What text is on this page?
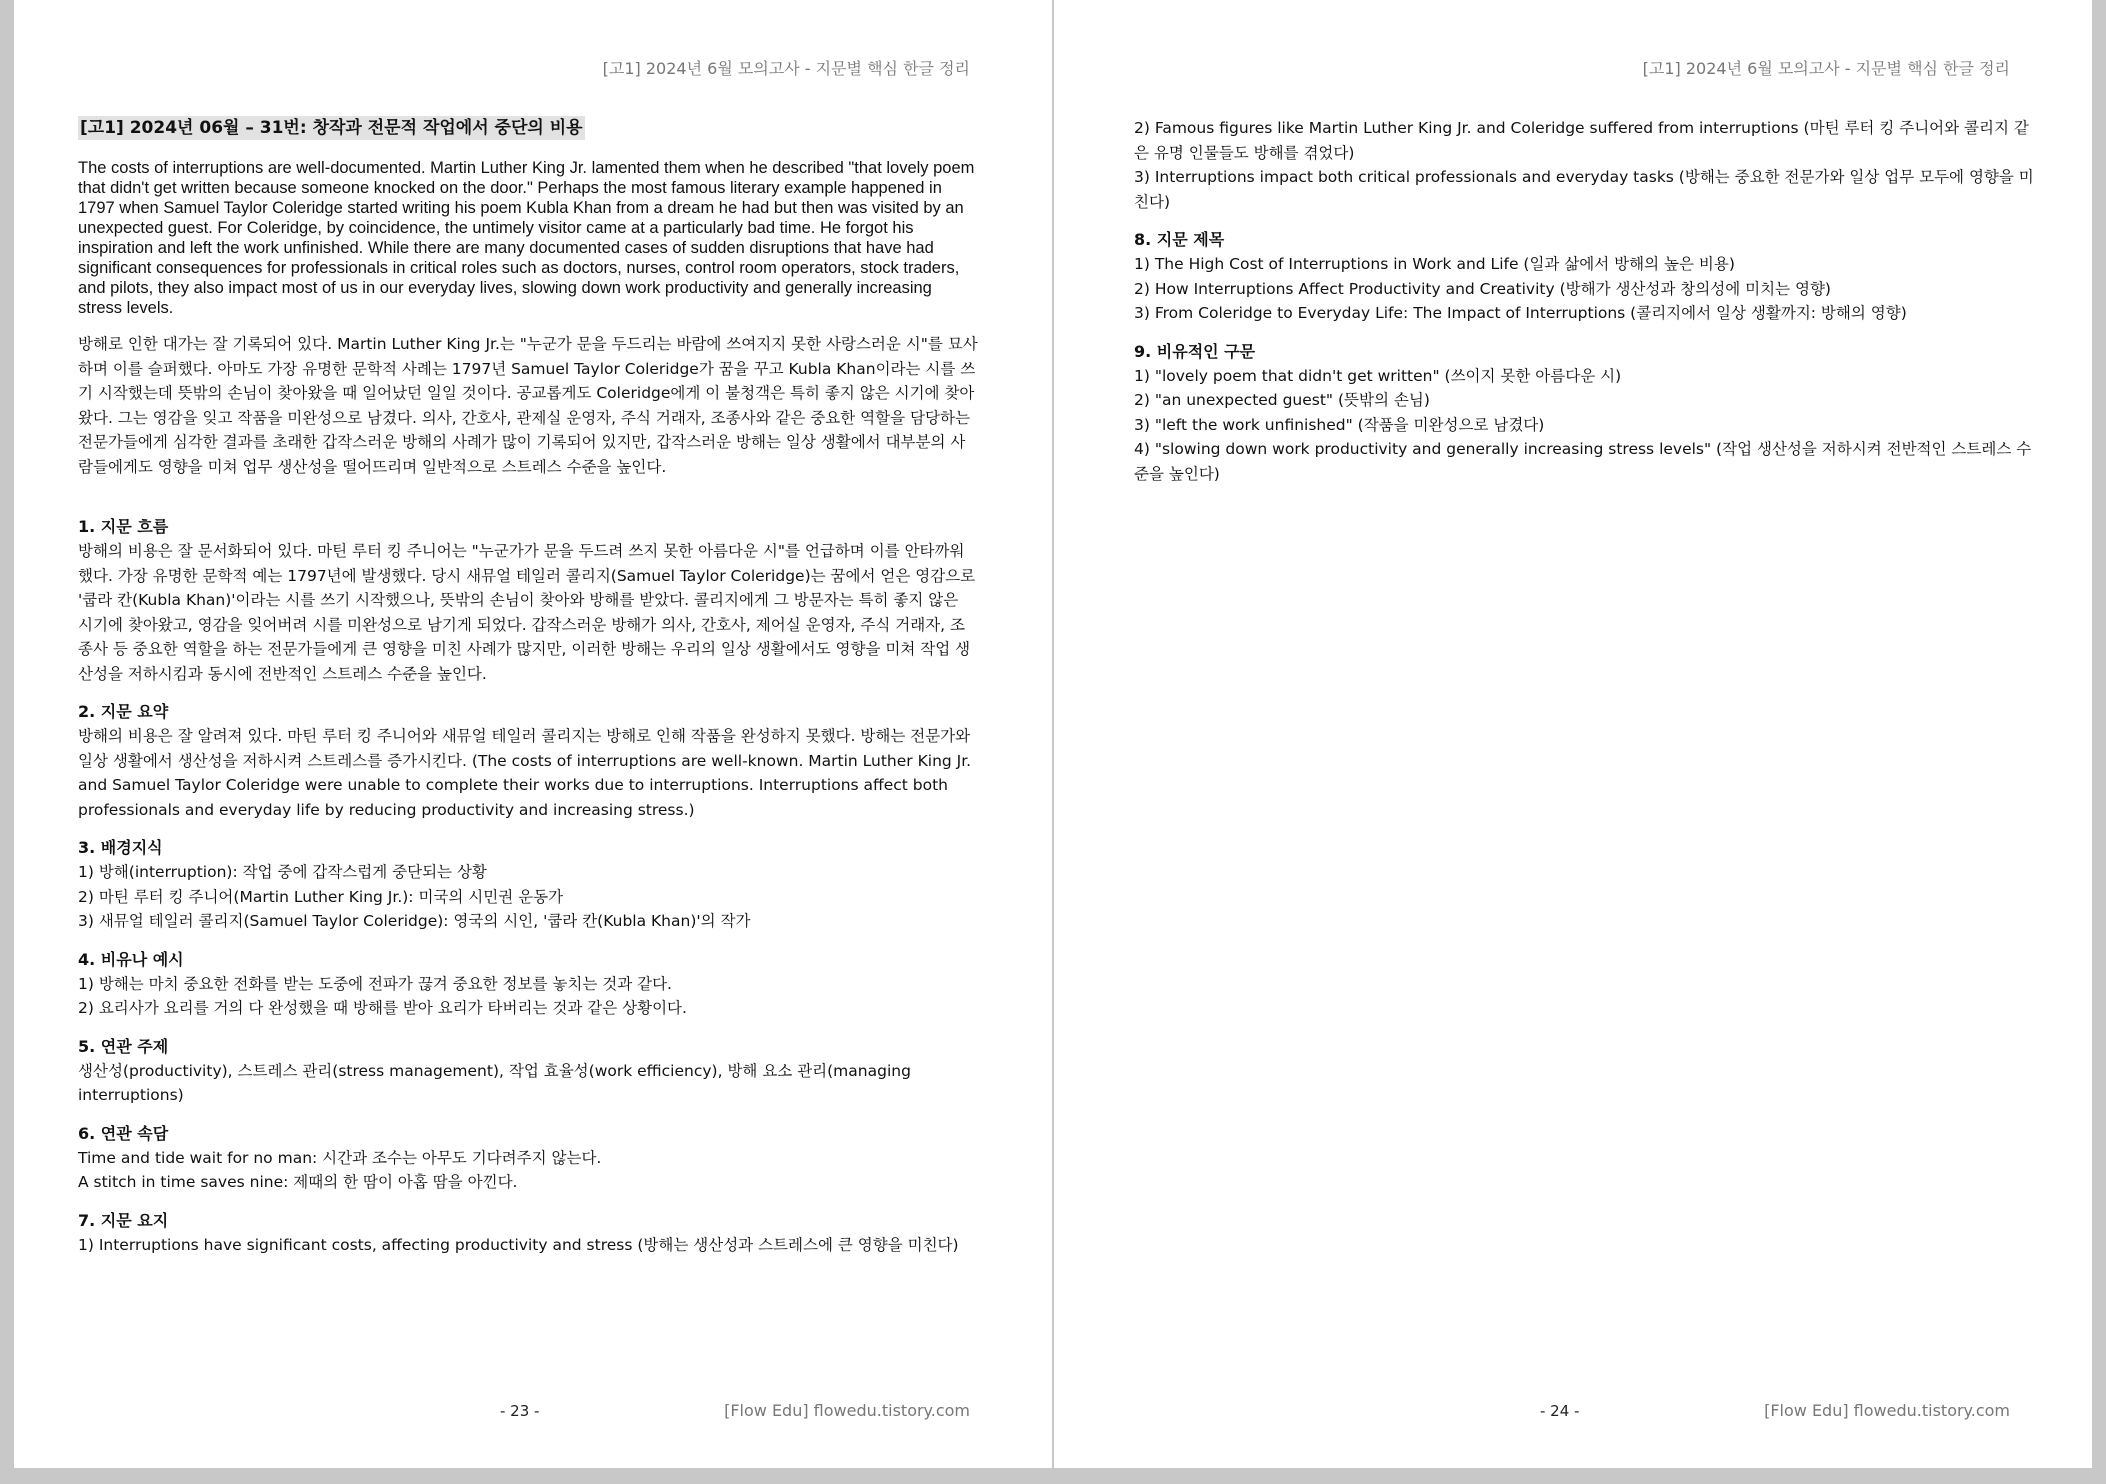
[고1] 2024년 6월 모의고사 - 지문별 핵심 한글 정리
[고1] 2024년 06월 – 31번: 창작과 전문적 작업에서 중단의 비용

The costs of interruptions are well-documented. Martin Luther King Jr. lamented them when he described "that lovely poem that didn't get written because someone knocked on the door." Perhaps the most famous literary example happened in 1797 when Samuel Taylor Coleridge started writing his poem Kubla Khan from a dream he had but then was visited by an unexpected guest. For Coleridge, by coincidence, the untimely visitor came at a particularly bad time. He forgot his inspiration and left the work unfinished. While there are many documented cases of sudden disruptions that have had significant consequences for professionals in critical roles such as doctors, nurses, control room operators, stock traders, and pilots, they also impact most of us in our everyday lives, slowing down work productivity and generally increasing stress levels.

방해로 인한 대가는 잘 기록되어 있다. Martin Luther King Jr.는 "누군가 문을 두드리는 바람에 쓰여지지 못한 사랑스러운 시"를 묘사하며 이를 슬퍼했다. 아마도 가장 유명한 문학적 사례는 1797년 Samuel Taylor Coleridge가 꿈을 꾸고 Kubla Khan이라는 시를 쓰기 시작했는데 뜻밖의 손님이 찾아왔을 때 일어났던 일일 것이다. 공교롭게도 Coleridge에게 이 불청객은 특히 좋지 않은 시기에 찾아왔다. 그는 영감을 잊고 작품을 미완성으로 남겼다. 의사, 간호사, 관제실 운영자, 주식 거래자, 조종사와 같은 중요한 역할을 담당하는 전문가들에게 심각한 결과를 초래한 갑작스러운 방해의 사례가 많이 기록되어 있지만, 갑작스러운 방해는 일상 생활에서 대부분의 사람들에게도 영향을 미쳐 업무 생산성을 떨어뜨리며 일반적으로 스트레스 수준을 높인다.

1. 지문 흐름

방해의 비용은 잘 문서화되어 있다. 마틴 루터 킹 주니어는 "누군가가 문을 두드려 쓰지 못한 아름다운 시"를 언급하며 이를 안타까워했다. 가장 유명한 문학적 예는 1797년에 발생했다. 당시 새뮤얼 테일러 콜리지(Samuel Taylor Coleridge)는 꿈에서 얻은 영감으로 '쿱라 칸(Kubla Khan)'이라는 시를 쓰기 시작했으나, 뜻밖의 손님이 찾아와 방해를 받았다. 콜리지에게 그 방문자는 특히 좋지 않은 시기에 찾아왔고, 영감을 잊어버려 시를 미완성으로 남기게 되었다. 갑작스러운 방해가 의사, 간호사, 제어실 운영자, 주식 거래자, 조종사 등 중요한 역할을 하는 전문가들에게 큰 영향을 미친 사례가 많지만, 이러한 방해는 우리의 일상 생활에서도 영향을 미쳐 작업 생산성을 저하시킴과 동시에 전반적인 스트레스 수준을 높인다.

2. 지문 요약

방해의 비용은 잘 알려져 있다. 마틴 루터 킹 주니어와 새뮤얼 테일러 콜리지는 방해로 인해 작품을 완성하지 못했다. 방해는 전문가와 일상 생활에서 생산성을 저하시켜 스트레스를 증가시킨다. (The costs of interruptions are well-known. Martin Luther King Jr. and Samuel Taylor Coleridge were unable to complete their works due to interruptions. Interruptions affect both professionals and everyday life by reducing productivity and increasing stress.)

3. 배경지식
1) 방해(interruption): 작업 중에 갑작스럽게 중단되는 상황
2) 마틴 루터 킹 주니어(Martin Luther King Jr.): 미국의 시민권 운동가
3) 새뮤얼 테일러 콜리지(Samuel Taylor Coleridge): 영국의 시인, '쿱라 칸(Kubla Khan)'의 작가
4. 비유나 예시
1) 방해는 마치 중요한 전화를 받는 도중에 전파가 끊겨 중요한 정보를 놓치는 것과 같다.
2) 요리사가 요리를 거의 다 완성했을 때 방해를 받아 요리가 타버리는 것과 같은 상황이다.
5. 연관 주제

생산성(productivity), 스트레스 관리(stress management), 작업 효율성(work efficiency), 방해 요소 관리(managing interruptions)

6. 연관 속담
Time and tide wait for no man: 시간과 조수는 아무도 기다려주지 않는다.
A stitch in time saves nine: 제때의 한 땀이 아홉 땀을 아낀다.
7. 지문 요지
1) Interruptions have significant costs, affecting productivity and stress (방해는 생산성과 스트레스에 큰 영향을 미친다)
- 23 -	[Flow Edu] flowedu.tistory.com
[고1] 2024년 6월 모의고사 - 지문별 핵심 한글 정리
2) Famous figures like Martin Luther King Jr. and Coleridge suffered from interruptions (마틴 루터 킹 주니어와 콜리지 같은 유명 인물들도 방해를 겪었다)
3) Interruptions impact both critical professionals and everyday tasks (방해는 중요한 전문가와 일상 업무 모두에 영향을 미친다)
8. 지문 제목
1) The High Cost of Interruptions in Work and Life (일과 삶에서 방해의 높은 비용)
2) How Interruptions Affect Productivity and Creativity (방해가 생산성과 창의성에 미치는 영향)
3) From Coleridge to Everyday Life: The Impact of Interruptions (콜리지에서 일상 생활까지: 방해의 영향)
9. 비유적인 구문
1) "lovely poem that didn't get written" (쓰이지 못한 아름다운 시)
2) "an unexpected guest" (뜻밖의 손님)
3) "left the work unfinished" (작품을 미완성으로 남겼다)
4) "slowing down work productivity and generally increasing stress levels" (작업 생산성을 저하시켜 전반적인 스트레스 수준을 높인다)
- 24 -	[Flow Edu] flowedu.tistory.com
